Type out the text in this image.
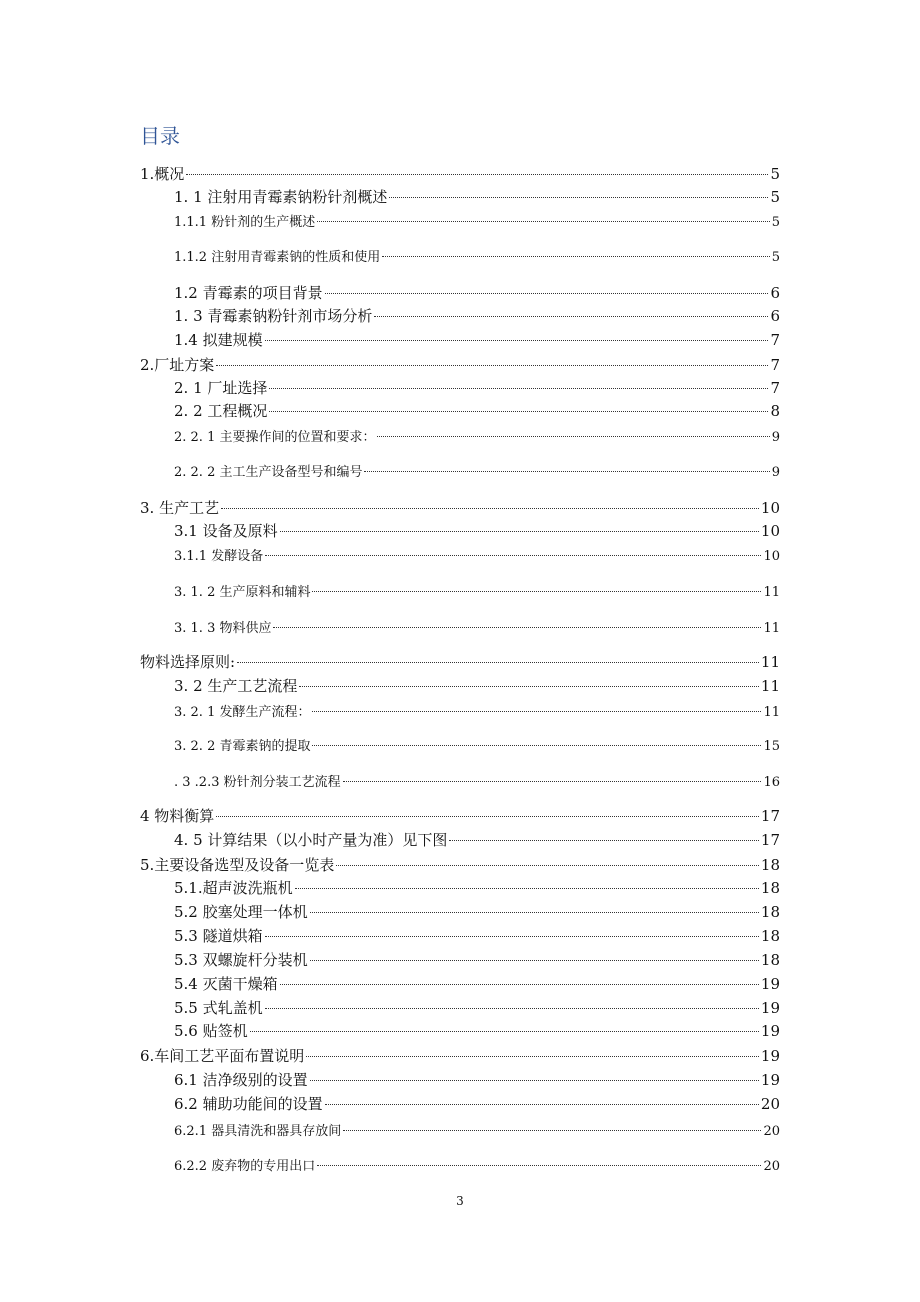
目录
1.概况	5
1. 1 注射用青霉素钠粉针剂概述	5
1.1.1 粉针剂的生产概述	5
1.1.2 注射用青霉素钠的性质和使用	5
1.2 青霉素的项目背景	6
1. 3 青霉素钠粉针剂市场分析	6
1.4 拟建规模	7
2.厂址方案	7
2. 1 厂址选择	7
2. 2 工程概况	8
2. 2. 1 主要操作间的位置和要求：	9
2. 2. 2 主工生产设备型号和编号	9
3. 生产工艺	10
3.1 设备及原料	10
3.1.1 发酵设备	10
3. 1. 2 生产原料和辅料	11
3. 1. 3 物料供应	11
物料选择原则:	11
3. 2 生产工艺流程	11
3. 2. 1 发酵生产流程：	11
3. 2. 2 青霉素钠的提取	15
. 3 .2.3 粉针剂分装工艺流程	16
4 物料衡算	17
4. 5 计算结果（以小时产量为准）见下图	17
5.主要设备选型及设备一览表	18
5.1.超声波洗瓶机	18
5.2 胶塞处理一体机	18
5.3 隧道烘箱	18
5.3 双螺旋杆分装机	18
5.4 灭菌干燥箱	19
5.5 式轧盖机	19
5.6 贴签机	19
6.车间工艺平面布置说明	19
6.1 洁净级别的设置	19
6.2 辅助功能间的设置	20
6.2.1 器具清洗和器具存放间	20
6.2.2 废弃物的专用出口	20

3
